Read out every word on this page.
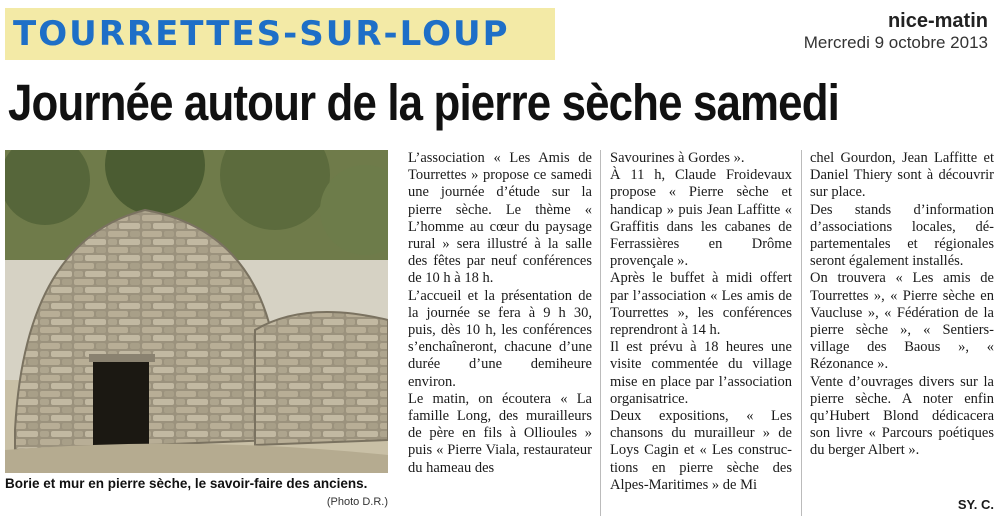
TOURRETTES-SUR-LOUP	nice-matin
Mercredi 9 octobre 2013
Journée autour de la pierre sèche samedi
Borie et mur en pierre sèche, le savoir-faire des anciens.
(Photo D.R.)

L’association « Les Amis de Tourrettes » propose ce samedi une journée d’étude sur la pierre sèche. Le thème « L’homme au cœur du paysage rural » sera illustré à la salle des fêtes par neuf conférences de 10 h à 18 h.

L’accueil et la présentation de la journée se fera à 9 h 30, puis, dès 10 h, les conférences s’enchaîneront, chacune d’une durée d’une demiheure environ.

Le matin, on écoutera « La famille Long, des murailleurs de père en fils à Ollioules » puis « Pierre Viala, restaurateur du hameau des

Savourines à Gordes ».

À 11 h, Claude Froidevaux propose « Pierre sèche et handicap » puis Jean Laffitte « Graffitis dans les cabanes de Ferrassières en Drôme provençale ».

Après le buffet à midi offert par l’association « Les amis de Tourrettes », les conférences reprendront à 14 h.

Il est prévu à 18 heures une visite commentée du village mise en place par l’association organisatrice.

Deux expositions, « Les chansons du murailleur » de Loys Cagin et « Les constructions en pierre sèche des Alpes-Maritimes » de Mi

chel Gourdon, Jean Laffitte et Daniel Thiery sont à découvrir sur place.

Des stands d’information d’associations locales, départementales et régionales seront également installés.

On trouvera « Les amis de Tourrettes », « Pierre sèche en Vaucluse », « Fédération de la pierre sèche », « Sentiers-village des Baous », « Rézonance ».

Vente d’ouvrages divers sur la pierre sèche. A noter enfin qu’Hubert Blond dédicacera son livre « Parcours poétiques du berger Albert ».

SY. C.
